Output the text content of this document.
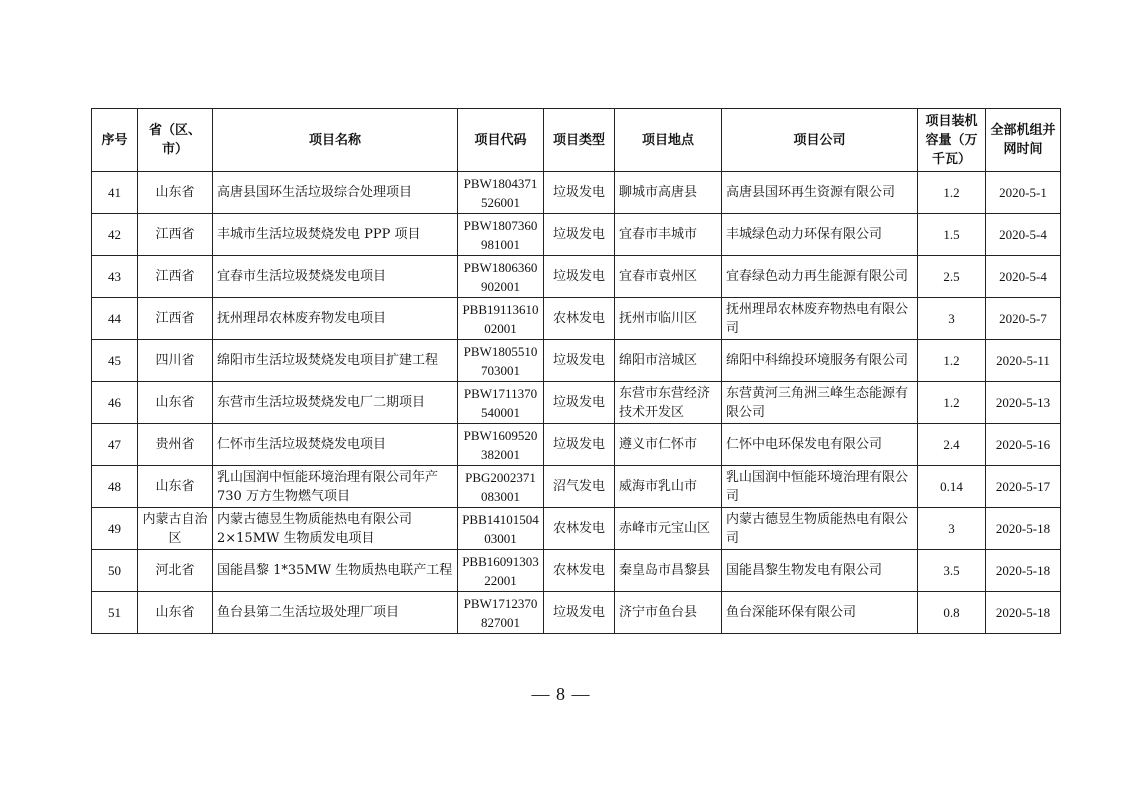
序号	省（区、市）	项目名称	项目代码	项目类型	项目地点	项目公司	项目装机容量（万千瓦）	全部机组并网时间
41	山东省	高唐县国环生活垃圾综合处理项目	PBW1804371526001	垃圾发电	聊城市高唐县	高唐县国环再生资源有限公司	1.2	2020-5-1
42	江西省	丰城市生活垃圾焚烧发电 PPP 项目	PBW1807360981001	垃圾发电	宜春市丰城市	丰城绿色动力环保有限公司	1.5	2020-5-4
43	江西省	宜春市生活垃圾焚烧发电项目	PBW1806360902001	垃圾发电	宜春市袁州区	宜春绿色动力再生能源有限公司	2.5	2020-5-4
44	江西省	抚州理昂农林废弃物发电项目	PBB1911361002001	农林发电	抚州市临川区	抚州理昂农林废弃物热电有限公司	3	2020-5-7
45	四川省	绵阳市生活垃圾焚烧发电项目扩建工程	PBW1805510703001	垃圾发电	绵阳市涪城区	绵阳中科绵投环境服务有限公司	1.2	2020-5-11
46	山东省	东营市生活垃圾焚烧发电厂二期项目	PBW1711370540001	垃圾发电	东营市东营经济技术开发区	东营黄河三角洲三峰生态能源有限公司	1.2	2020-5-13
47	贵州省	仁怀市生活垃圾焚烧发电项目	PBW1609520382001	垃圾发电	遵义市仁怀市	仁怀中电环保发电有限公司	2.4	2020-5-16
48	山东省	乳山国润中恒能环境治理有限公司年产 730 万方生物燃气项目	PBG2002371083001	沼气发电	威海市乳山市	乳山国润中恒能环境治理有限公司	0.14	2020-5-17
49	内蒙古自治区	内蒙古德昱生物质能热电有限公司 2×15MW 生物质发电项目	PBB1410150403001	农林发电	赤峰市元宝山区	内蒙古德昱生物质能热电有限公司	3	2020-5-18
50	河北省	国能昌黎 1*35MW 生物质热电联产工程	PBB1609130322001	农林发电	秦皇岛市昌黎县	国能昌黎生物发电有限公司	3.5	2020-5-18
51	山东省	鱼台县第二生活垃圾处理厂项目	PBW1712370827001	垃圾发电	济宁市鱼台县	鱼台深能环保有限公司	0.8	2020-5-18
— 8 —
